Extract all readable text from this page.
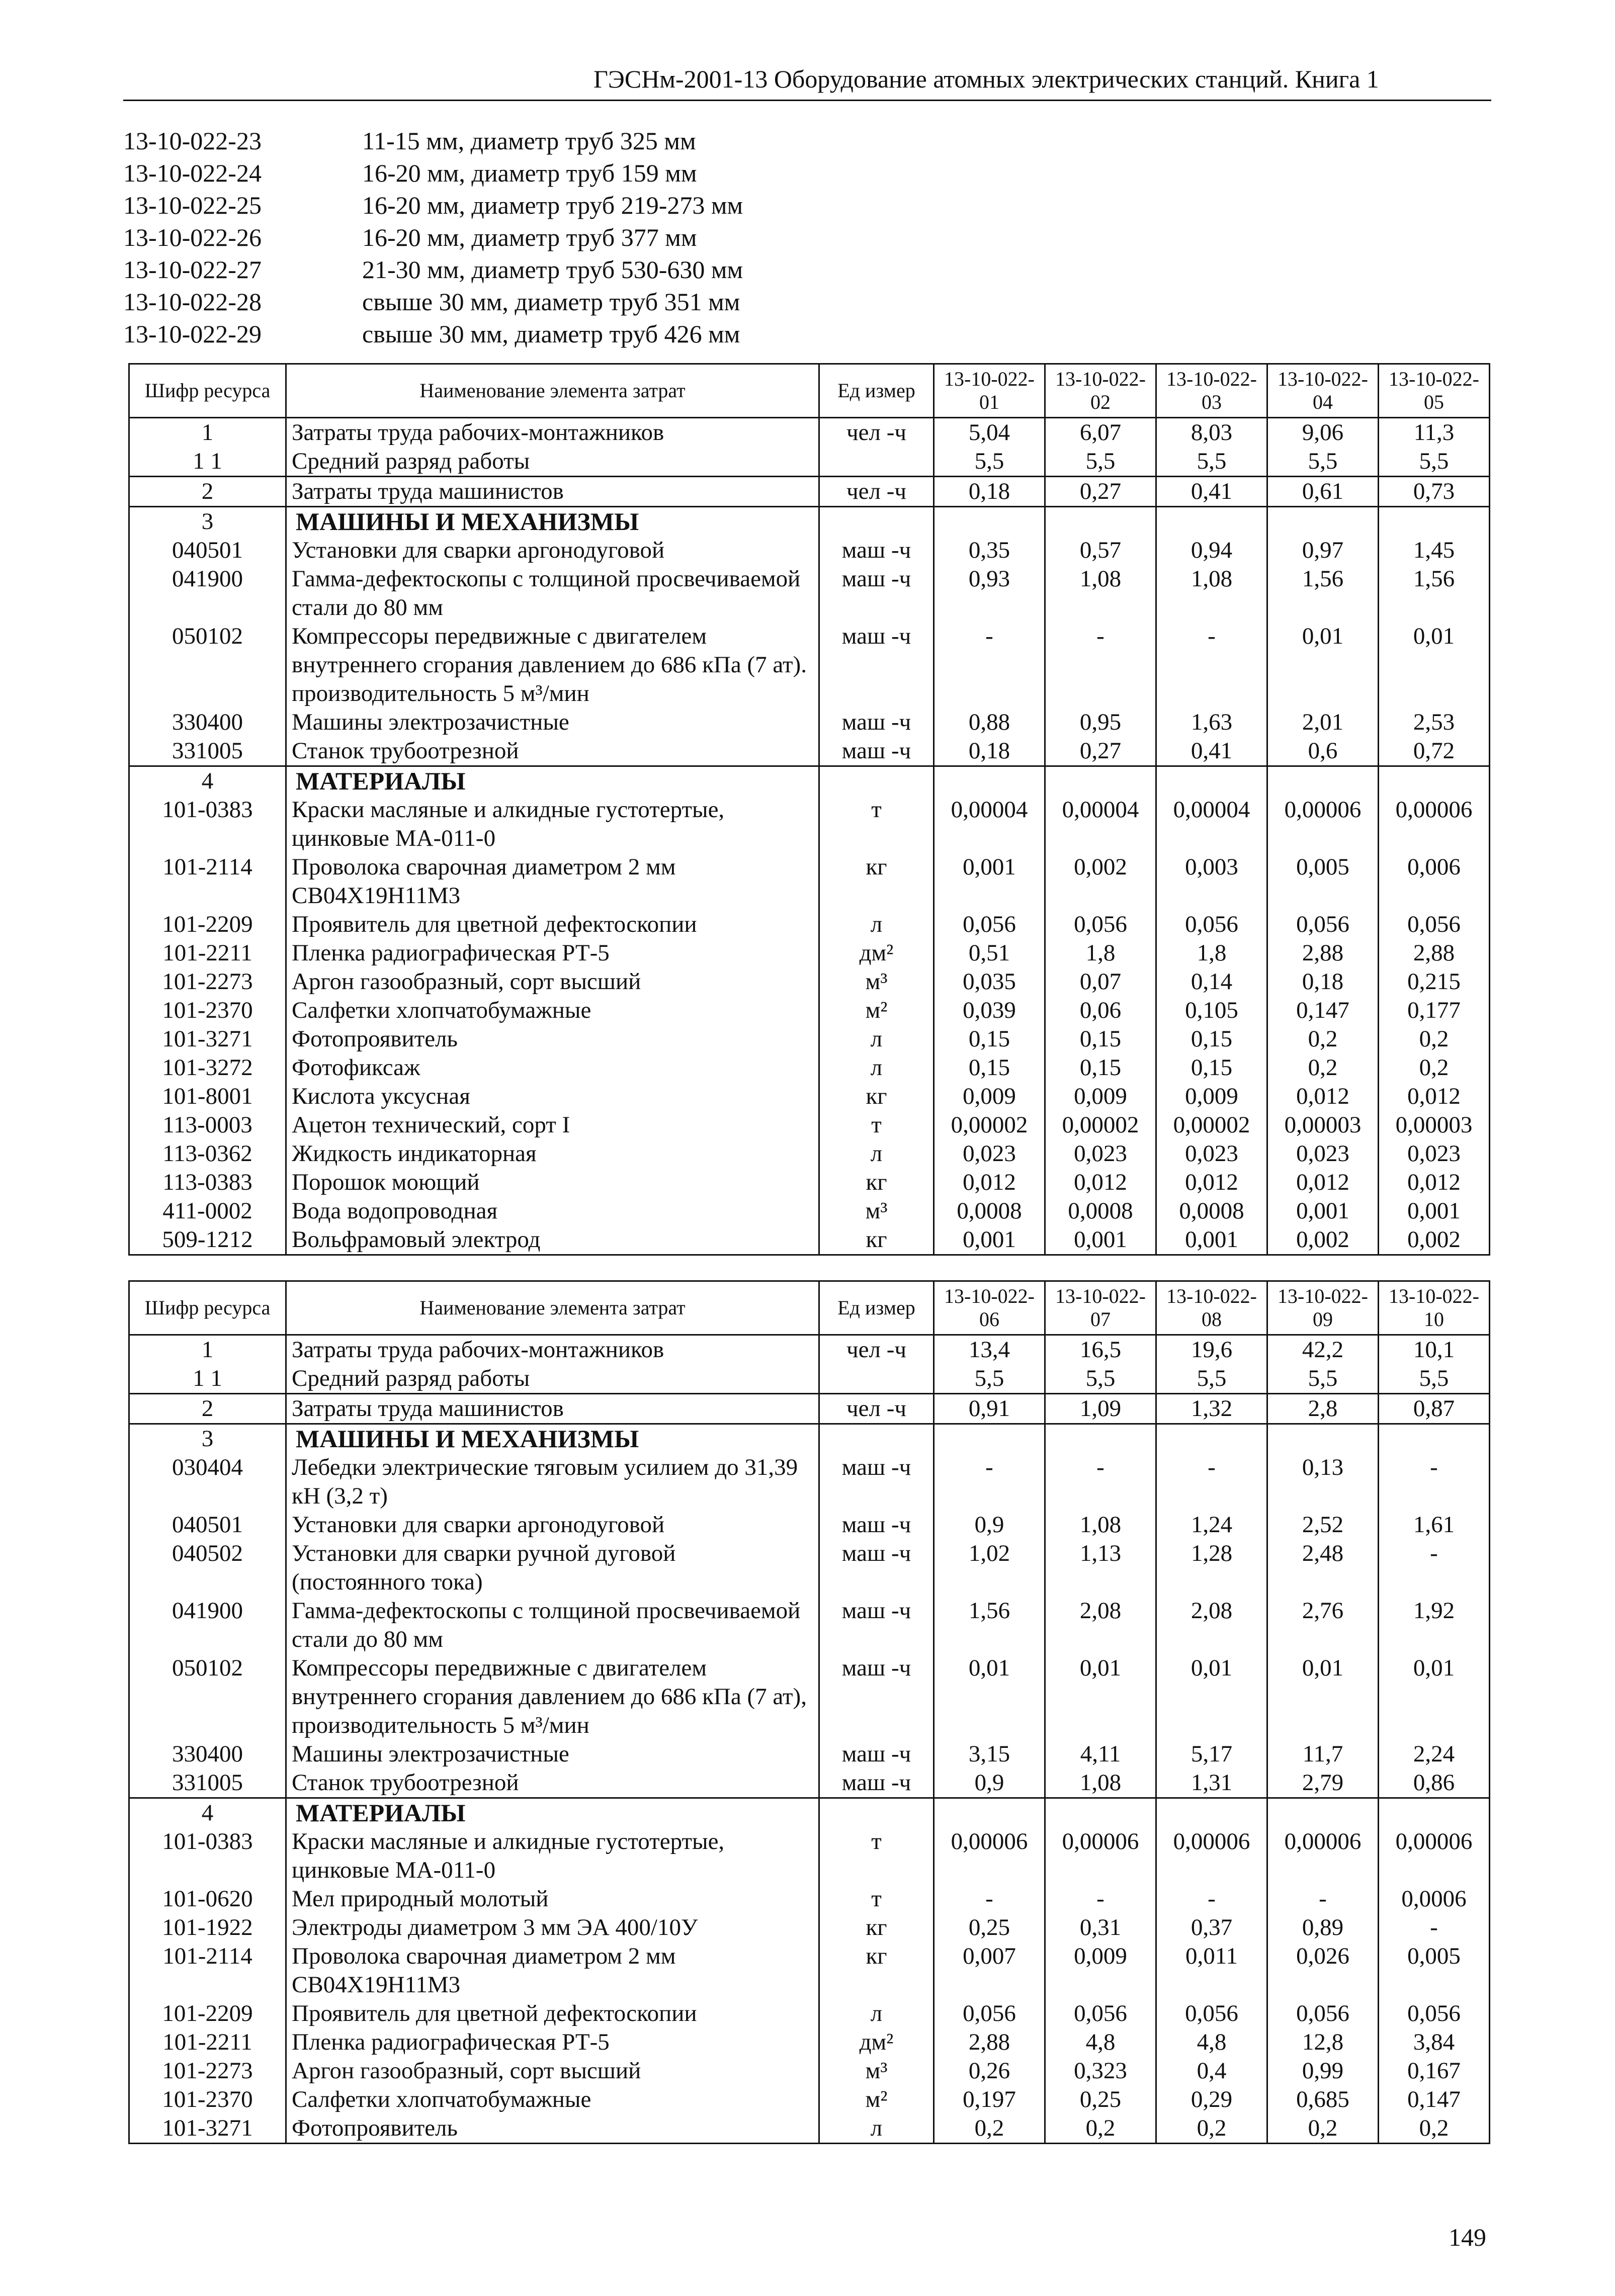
ГЭСНм-2001-13 Оборудование атомных электрических станций. Книга 1
13-10-022-23	11-15 мм, диаметр труб 325 мм
13-10-022-24	16-20 мм, диаметр труб 159 мм
13-10-022-25	16-20 мм, диаметр труб 219-273 мм
13-10-022-26	16-20 мм, диаметр труб 377 мм
13-10-022-27	21-30 мм, диаметр труб 530-630 мм
13-10-022-28	свыше 30 мм, диаметр труб 351 мм
13-10-022-29	свыше 30 мм, диаметр труб 426 мм
Шифр ресурса	Наименование элемента затрат	Ед измер	13-10-022-01	13-10-022-02	13-10-022-03	13-10-022-04	13-10-022-05
1	Затраты труда рабочих-монтажников	чел -ч	5,04	6,07	8,03	9,06	11,3
1 1	Средний разряд работы		5,5	5,5	5,5	5,5	5,5
2	Затраты труда машинистов	чел -ч	0,18	0,27	0,41	0,61	0,73
3	МАШИНЫ И МЕХАНИЗМЫ						
040501	Установки для сварки аргонодуговой	маш -ч	0,35	0,57	0,94	0,97	1,45
041900	Гамма-дефектоскопы с толщиной просвечиваемой стали до 80 мм	маш -ч	0,93	1,08	1,08	1,56	1,56
050102	Компрессоры передвижные с двигателем внутреннего сгорания давлением до 686 кПа (7 ат). производительность 5 м³/мин	маш -ч	-	-	-	0,01	0,01
330400	Машины электрозачистные	маш -ч	0,88	0,95	1,63	2,01	2,53
331005	Станок трубоотрезной	маш -ч	0,18	0,27	0,41	0,6	0,72
4	МАТЕРИАЛЫ						
101-0383	Краски масляные и алкидные густотертые, цинковые МА-011-0	т	0,00004	0,00004	0,00004	0,00006	0,00006
101-2114	Проволока сварочная диаметром 2 мм СВ04Х19Н11М3	кг	0,001	0,002	0,003	0,005	0,006
101-2209	Проявитель для цветной дефектоскопии	л	0,056	0,056	0,056	0,056	0,056
101-2211	Пленка радиографическая РТ-5	дм²	0,51	1,8	1,8	2,88	2,88
101-2273	Аргон газообразный, сорт высший	м³	0,035	0,07	0,14	0,18	0,215
101-2370	Салфетки хлопчатобумажные	м²	0,039	0,06	0,105	0,147	0,177
101-3271	Фотопроявитель	л	0,15	0,15	0,15	0,2	0,2
101-3272	Фотофиксаж	л	0,15	0,15	0,15	0,2	0,2
101-8001	Кислота уксусная	кг	0,009	0,009	0,009	0,012	0,012
113-0003	Ацетон технический, сорт I	т	0,00002	0,00002	0,00002	0,00003	0,00003
113-0362	Жидкость индикаторная	л	0,023	0,023	0,023	0,023	0,023
113-0383	Порошок моющий	кг	0,012	0,012	0,012	0,012	0,012
411-0002	Вода водопроводная	м³	0,0008	0,0008	0,0008	0,001	0,001
509-1212	Вольфрамовый электрод	кг	0,001	0,001	0,001	0,002	0,002
Шифр ресурса	Наименование элемента затрат	Ед измер	13-10-022-06	13-10-022-07	13-10-022-08	13-10-022-09	13-10-022-10
1	Затраты труда рабочих-монтажников	чел -ч	13,4	16,5	19,6	42,2	10,1
1 1	Средний разряд работы		5,5	5,5	5,5	5,5	5,5
2	Затраты труда машинистов	чел -ч	0,91	1,09	1,32	2,8	0,87
3	МАШИНЫ И МЕХАНИЗМЫ						
030404	Лебедки электрические тяговым усилием до 31,39 кН (3,2 т)	маш -ч	-	-	-	0,13	-
040501	Установки для сварки аргонодуговой	маш -ч	0,9	1,08	1,24	2,52	1,61
040502	Установки для сварки ручной дуговой (постоянного тока)	маш -ч	1,02	1,13	1,28	2,48	-
041900	Гамма-дефектоскопы с толщиной просвечиваемой стали до 80 мм	маш -ч	1,56	2,08	2,08	2,76	1,92
050102	Компрессоры передвижные с двигателем внутреннего сгорания давлением до 686 кПа (7 ат), производительность 5 м³/мин	маш -ч	0,01	0,01	0,01	0,01	0,01
330400	Машины электрозачистные	маш -ч	3,15	4,11	5,17	11,7	2,24
331005	Станок трубоотрезной	маш -ч	0,9	1,08	1,31	2,79	0,86
4	МАТЕРИАЛЫ						
101-0383	Краски масляные и алкидные густотертые, цинковые МА-011-0	т	0,00006	0,00006	0,00006	0,00006	0,00006
101-0620	Мел природный молотый	т	-	-	-	-	0,0006
101-1922	Электроды диаметром 3 мм ЭА 400/10У	кг	0,25	0,31	0,37	0,89	-
101-2114	Проволока сварочная диаметром 2 мм СВ04Х19Н11М3	кг	0,007	0,009	0,011	0,026	0,005
101-2209	Проявитель для цветной дефектоскопии	л	0,056	0,056	0,056	0,056	0,056
101-2211	Пленка радиографическая РТ-5	дм²	2,88	4,8	4,8	12,8	3,84
101-2273	Аргон газообразный, сорт высший	м³	0,26	0,323	0,4	0,99	0,167
101-2370	Салфетки хлопчатобумажные	м²	0,197	0,25	0,29	0,685	0,147
101-3271	Фотопроявитель	л	0,2	0,2	0,2	0,2	0,2
149
